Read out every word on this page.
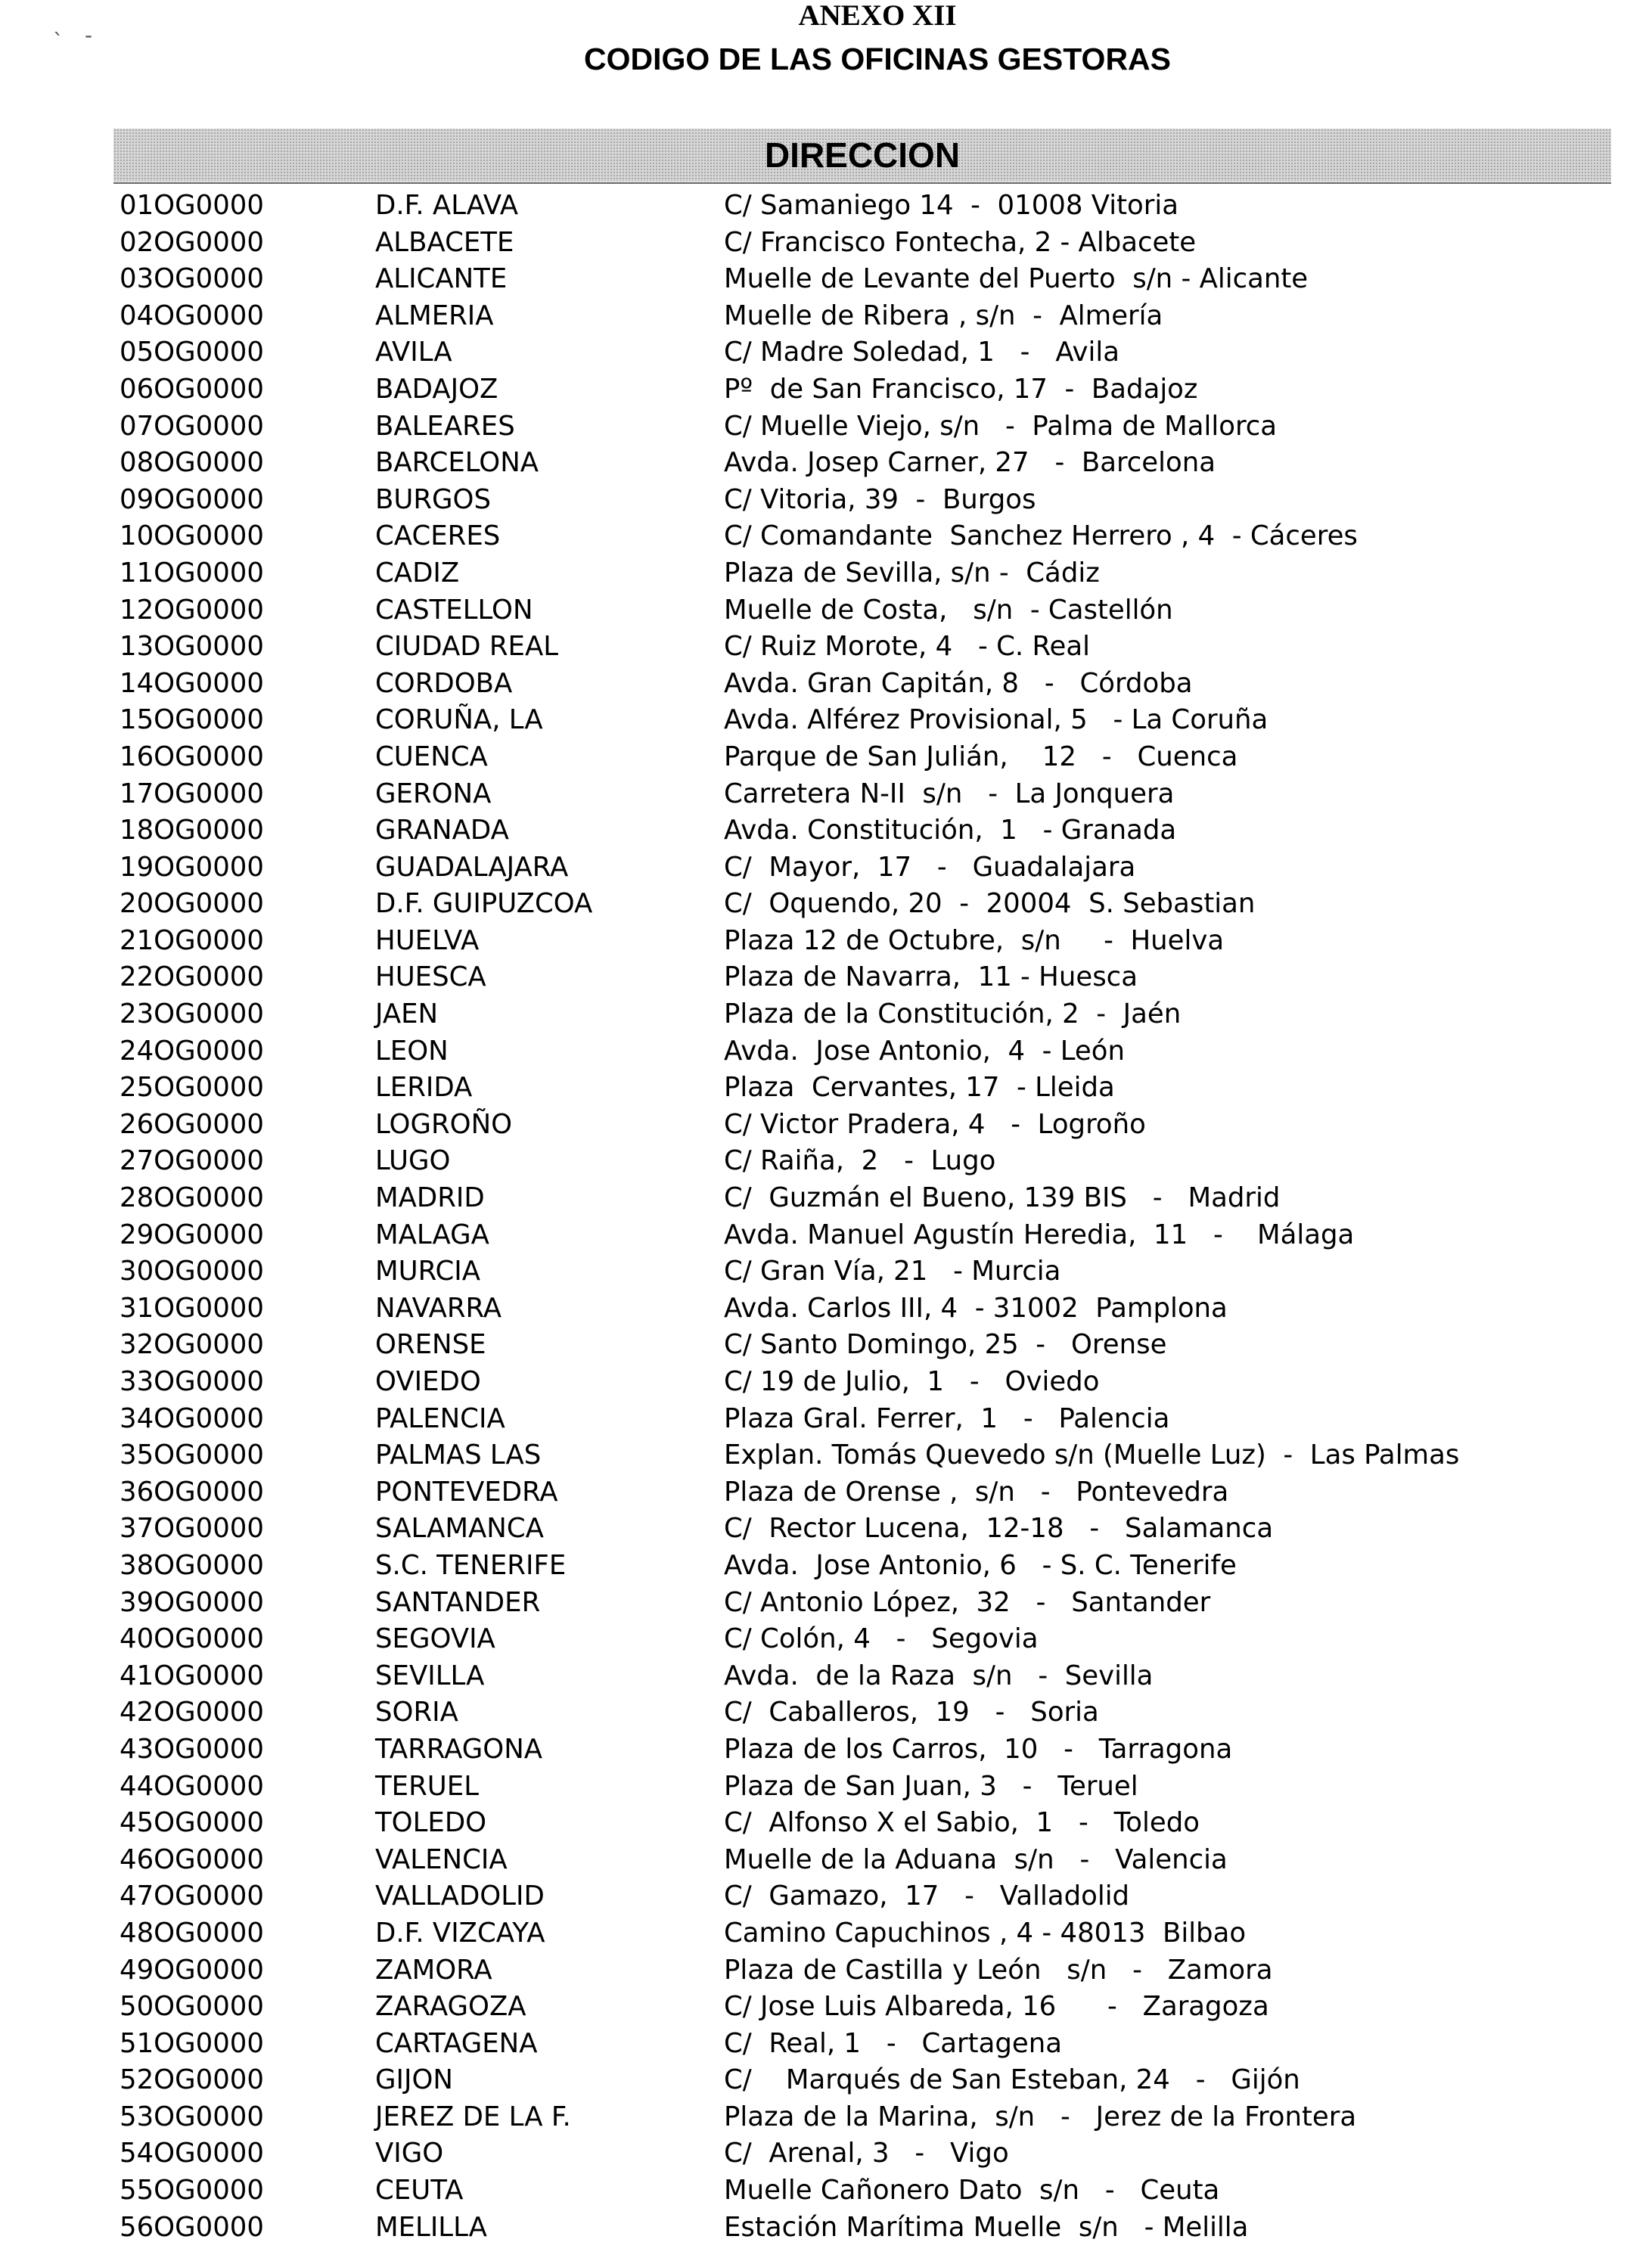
ANEXO XII
CODIGO DE LAS OFICINAS GESTORAS
ˋ -
DIRECCION
01OG0000	D.F. ALAVA	C/ Samaniego 14  -  01008 Vitoria
02OG0000	ALBACETE	C/ Francisco Fontecha, 2 - Albacete
03OG0000	ALICANTE	Muelle de Levante del Puerto  s/n - Alicante
04OG0000	ALMERIA	Muelle de Ribera , s/n  -  Almería
05OG0000	AVILA	C/ Madre Soledad, 1   -   Avila
06OG0000	BADAJOZ	Pº  de San Francisco, 17  -  Badajoz
07OG0000	BALEARES	C/ Muelle Viejo, s/n   -  Palma de Mallorca
08OG0000	BARCELONA	Avda. Josep Carner, 27   -  Barcelona
09OG0000	BURGOS	C/ Vitoria, 39  -  Burgos
10OG0000	CACERES	C/ Comandante  Sanchez Herrero , 4  - Cáceres
11OG0000	CADIZ	Plaza de Sevilla, s/n -  Cádiz
12OG0000	CASTELLON	Muelle de Costa,   s/n  - Castellón
13OG0000	CIUDAD REAL	C/ Ruiz Morote, 4   - C. Real
14OG0000	CORDOBA	Avda. Gran Capitán, 8   -   Córdoba
15OG0000	CORUÑA, LA	Avda. Alférez Provisional, 5   - La Coruña
16OG0000	CUENCA	Parque de San Julián,    12   -   Cuenca
17OG0000	GERONA	Carretera N-II  s/n   -  La Jonquera
18OG0000	GRANADA	Avda. Constitución,  1   - Granada
19OG0000	GUADALAJARA	C/  Mayor,  17   -   Guadalajara
20OG0000	D.F. GUIPUZCOA	C/  Oquendo, 20  -  20004  S. Sebastian
21OG0000	HUELVA	Plaza 12 de Octubre,  s/n     -  Huelva
22OG0000	HUESCA	Plaza de Navarra,  11 - Huesca
23OG0000	JAEN	Plaza de la Constitución, 2  -  Jaén
24OG0000	LEON	Avda.  Jose Antonio,  4  - León
25OG0000	LERIDA	Plaza  Cervantes, 17  - Lleida
26OG0000	LOGROÑO	C/ Victor Pradera, 4   -  Logroño
27OG0000	LUGO	C/ Raiña,  2   -  Lugo
28OG0000	MADRID	C/  Guzmán el Bueno, 139 BIS   -   Madrid
29OG0000	MALAGA	Avda. Manuel Agustín Heredia,  11   -    Málaga
30OG0000	MURCIA	C/ Gran Vía, 21   - Murcia
31OG0000	NAVARRA	Avda. Carlos III, 4  - 31002  Pamplona
32OG0000	ORENSE	C/ Santo Domingo, 25  -   Orense
33OG0000	OVIEDO	C/ 19 de Julio,  1   -   Oviedo
34OG0000	PALENCIA	Plaza Gral. Ferrer,  1   -   Palencia
35OG0000	PALMAS LAS	Explan. Tomás Quevedo s/n (Muelle Luz)  -  Las Palmas
36OG0000	PONTEVEDRA	Plaza de Orense ,  s/n   -   Pontevedra
37OG0000	SALAMANCA	C/  Rector Lucena,  12-18   -   Salamanca
38OG0000	S.C. TENERIFE	Avda.  Jose Antonio, 6   - S. C. Tenerife
39OG0000	SANTANDER	C/ Antonio López,  32   -   Santander
40OG0000	SEGOVIA	C/ Colón, 4   -   Segovia
41OG0000	SEVILLA	Avda.  de la Raza  s/n   -  Sevilla
42OG0000	SORIA	C/  Caballeros,  19   -   Soria
43OG0000	TARRAGONA	Plaza de los Carros,  10   -   Tarragona
44OG0000	TERUEL	Plaza de San Juan, 3   -   Teruel
45OG0000	TOLEDO	C/  Alfonso X el Sabio,  1   -   Toledo
46OG0000	VALENCIA	Muelle de la Aduana  s/n   -   Valencia
47OG0000	VALLADOLID	C/  Gamazo,  17   -   Valladolid
48OG0000	D.F. VIZCAYA	Camino Capuchinos , 4 - 48013  Bilbao
49OG0000	ZAMORA	Plaza de Castilla y León   s/n   -   Zamora
50OG0000	ZARAGOZA	C/ Jose Luis Albareda, 16      -   Zaragoza
51OG0000	CARTAGENA	C/  Real, 1   -   Cartagena
52OG0000	GIJON	C/    Marqués de San Esteban, 24   -   Gijón
53OG0000	JEREZ DE LA F.	Plaza de la Marina,  s/n   -   Jerez de la Frontera
54OG0000	VIGO	C/  Arenal, 3   -   Vigo
55OG0000	CEUTA	Muelle Cañonero Dato  s/n   -   Ceuta
56OG0000	MELILLA	Estación Marítima Muelle  s/n   - Melilla
